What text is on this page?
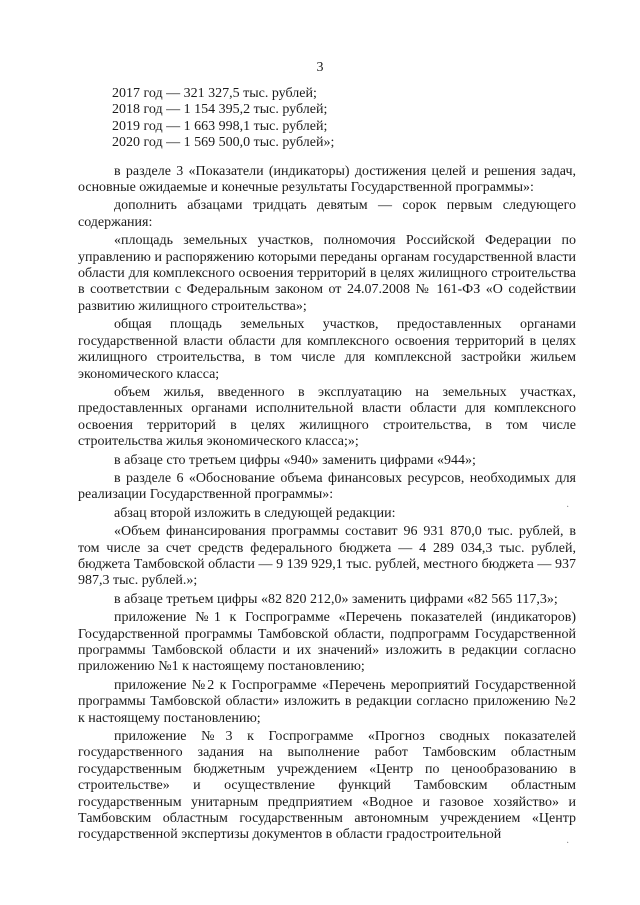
3

2017 год — 321 327,5 тыс. рублей;

2018 год — 1 154 395,2 тыс. рублей;

2019 год — 1 663 998,1 тыс. рублей;

2020 год — 1 569 500,0 тыс. рублей»;

в разделе 3 «Показатели (индикаторы) достижения целей и решения задач, основные ожидаемые и конечные результаты Государственной программы»:

дополнить абзацами тридцать девятым — сорок первым следующего содержания:

«площадь земельных участков, полномочия Российской Федерации по управлению и распоряжению которыми переданы органам государственной власти области для комплексного освоения территорий в целях жилищного строительства в соответствии с Федеральным законом от 24.07.2008 № 161-ФЗ «О содействии развитию жилищного строительства»;

общая площадь земельных участков, предоставленных органами государственной власти области для комплексного освоения территорий в целях жилищного строительства, в том числе для комплексной застройки жильем экономического класса;

объем жилья, введенного в эксплуатацию на земельных участках, предоставленных органами исполнительной власти области для комплексного освоения территорий в целях жилищного строительства, в том числе строительства жилья экономического класса;»;

в абзаце сто третьем цифры «940» заменить цифрами «944»;

в разделе 6 «Обоснование объема финансовых ресурсов, необходимых для реализации Государственной программы»:

абзац второй изложить в следующей редакции:

«Объем финансирования программы составит 96 931 870,0 тыс. рублей, в том числе за счет средств федерального бюджета — 4 289 034,3 тыс. рублей, бюджета Тамбовской области — 9 139 929,1 тыс. рублей, местного бюджета — 937 987,3 тыс. рублей.»;

в абзаце третьем цифры «82 820 212,0» заменить цифрами «82 565 117,3»;

приложение №1 к Госпрограмме «Перечень показателей (индикаторов) Государственной программы Тамбовской области, подпрограмм Государственной программы Тамбовской области и их значений» изложить в редакции согласно приложению №1 к настоящему постановлению;

приложение №2 к Госпрограмме «Перечень мероприятий Государственной программы Тамбовской области» изложить в редакции согласно приложению №2 к настоящему постановлению;

приложение №3 к Госпрограмме «Прогноз сводных показателей государственного задания на выполнение работ Тамбовским областным государственным бюджетным учреждением «Центр по ценообразованию в строительстве» и осуществление функций Тамбовским областным государственным унитарным предприятием «Водное и газовое хозяйство» и Тамбовским областным государственным автономным учреждением «Центр государственной экспертизы документов в области градостроительной

·
·
